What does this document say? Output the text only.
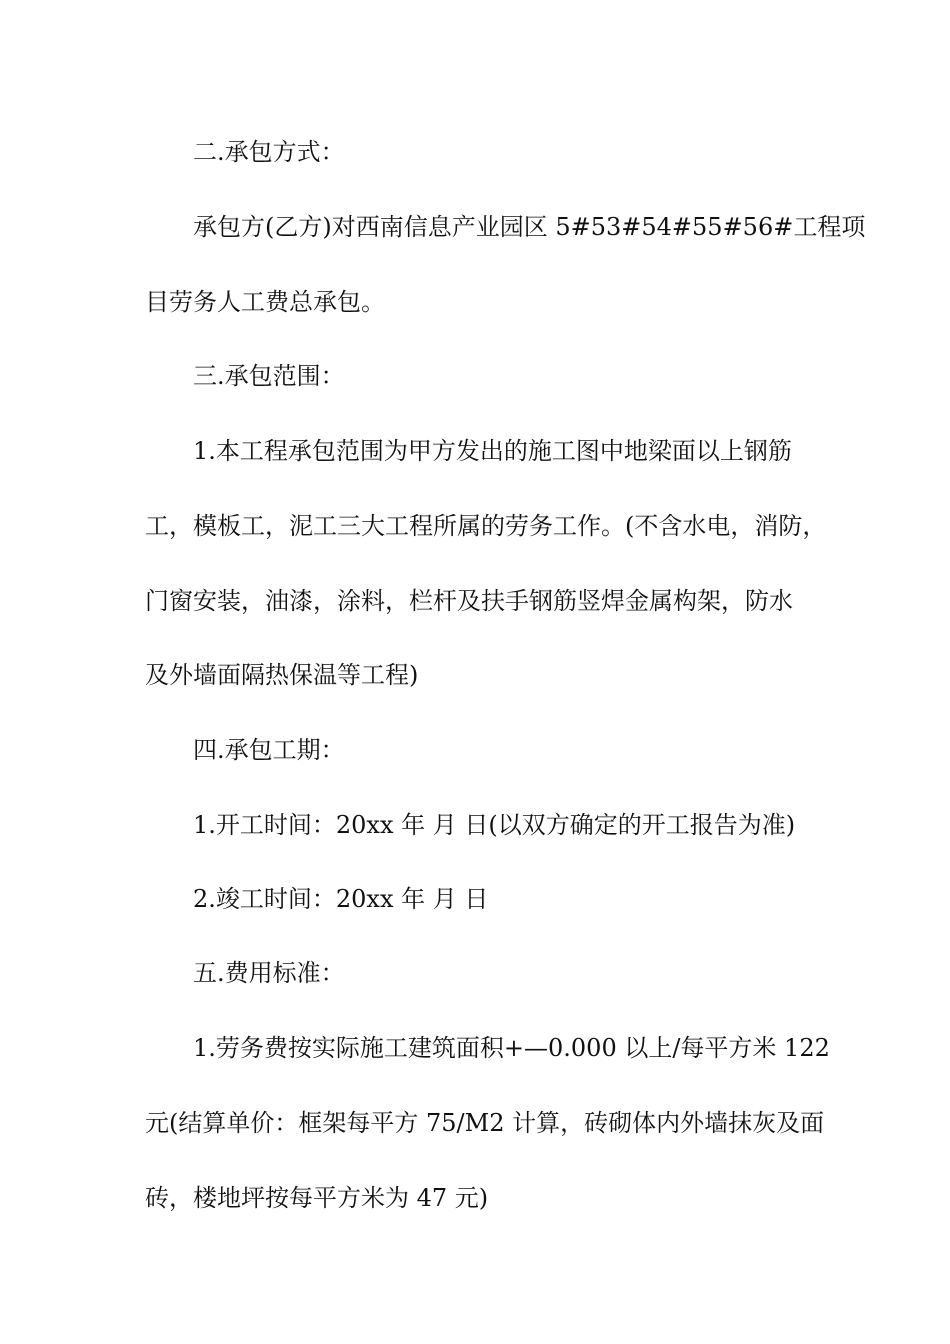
二.承包方式：
承包方(乙方)对西南信息产业园区 5#53#54#55#56#工程项
目劳务人工费总承包。
三.承包范围：
1.本工程承包范围为甲方发出的施工图中地梁面以上钢筋
工，模板工，泥工三大工程所属的劳务工作。(不含水电，消防，
门窗安装，油漆，涂料，栏杆及扶手钢筋竖焊金属构架，防水
及外墙面隔热保温等工程)
四.承包工期：
1.开工时间：20xx 年 月 日(以双方确定的开工报告为准)
2.竣工时间：20xx 年 月 日
五.费用标准：
1.劳务费按实际施工建筑面积+—0.000 以上/每平方米 122
元(结算单价：框架每平方 75/M2 计算，砖砌体内外墙抹灰及面
砖，楼地坪按每平方米为 47 元)
